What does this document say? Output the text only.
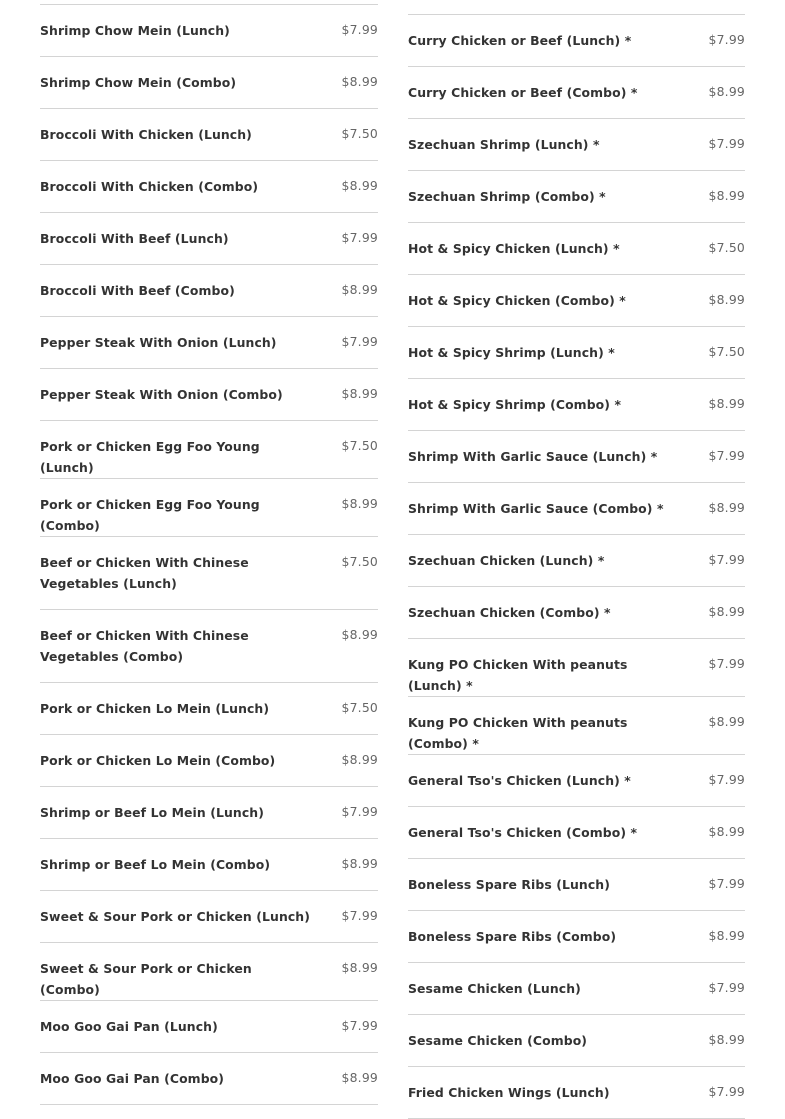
Shrimp Chow Mein (Lunch)	$7.99
Shrimp Chow Mein (Combo)	$8.99
Broccoli With Chicken (Lunch)	$7.50
Broccoli With Chicken (Combo)	$8.99
Broccoli With Beef (Lunch)	$7.99
Broccoli With Beef (Combo)	$8.99
Pepper Steak With Onion (Lunch)	$7.99
Pepper Steak With Onion (Combo)	$8.99
Pork or Chicken Egg Foo Young (Lunch)
$7.50
Pork or Chicken Egg Foo Young (Combo)
$8.99
Beef or Chicken With Chinese Vegetables (Lunch)
$7.50
Beef or Chicken With Chinese Vegetables (Combo)
$8.99
Pork or Chicken Lo Mein (Lunch)	$7.50
Pork or Chicken Lo Mein (Combo)	$8.99
Shrimp or Beef Lo Mein (Lunch)	$7.99
Shrimp or Beef Lo Mein (Combo)	$8.99
Sweet & Sour Pork or Chicken (Lunch)	$7.99
Sweet & Sour Pork or Chicken (Combo)
$8.99
Moo Goo Gai Pan (Lunch)	$7.99
Moo Goo Gai Pan (Combo)	$8.99
Curry Chicken or Beef (Lunch) *	$7.99
Curry Chicken or Beef (Combo) *	$8.99
Szechuan Shrimp (Lunch) *	$7.99
Szechuan Shrimp (Combo) *	$8.99
Hot & Spicy Chicken (Lunch) *	$7.50
Hot & Spicy Chicken (Combo) *	$8.99
Hot & Spicy Shrimp (Lunch) *	$7.50
Hot & Spicy Shrimp (Combo) *	$8.99
Shrimp With Garlic Sauce (Lunch) *	$7.99
Shrimp With Garlic Sauce (Combo) *	$8.99
Szechuan Chicken (Lunch) *	$7.99
Szechuan Chicken (Combo) *	$8.99
Kung PO Chicken With peanuts (Lunch) *
$7.99
Kung PO Chicken With peanuts (Combo) *
$8.99
General Tso's Chicken (Lunch) *	$7.99
General Tso's Chicken (Combo) *	$8.99
Boneless Spare Ribs (Lunch)	$7.99
Boneless Spare Ribs (Combo)	$8.99
Sesame Chicken (Lunch)	$7.99
Sesame Chicken (Combo)	$8.99
Fried Chicken Wings (Lunch)	$7.99
